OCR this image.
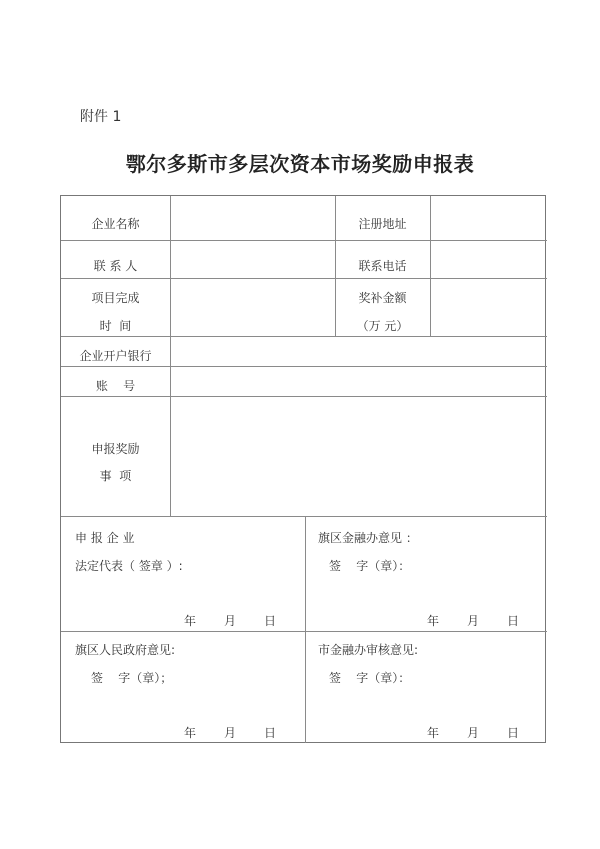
附件 1
鄂尔多斯市多层次资本市场奖励申报表
企业名称	注册地址
联 系 人	联系电话
项目完成
时  间
奖补金额
（万 元）
企业开户银行
账    号
申报奖励
事  项
申 报 企 业
法定代表（ 签章 ）:
年 月 日
旗区金融办意见 ：
签    字（章）：
年 月 日
旗区人民政府意见:
签    字（章）；
年 月 日
市金融办审核意见:
签    字（章）：
年 月 日
